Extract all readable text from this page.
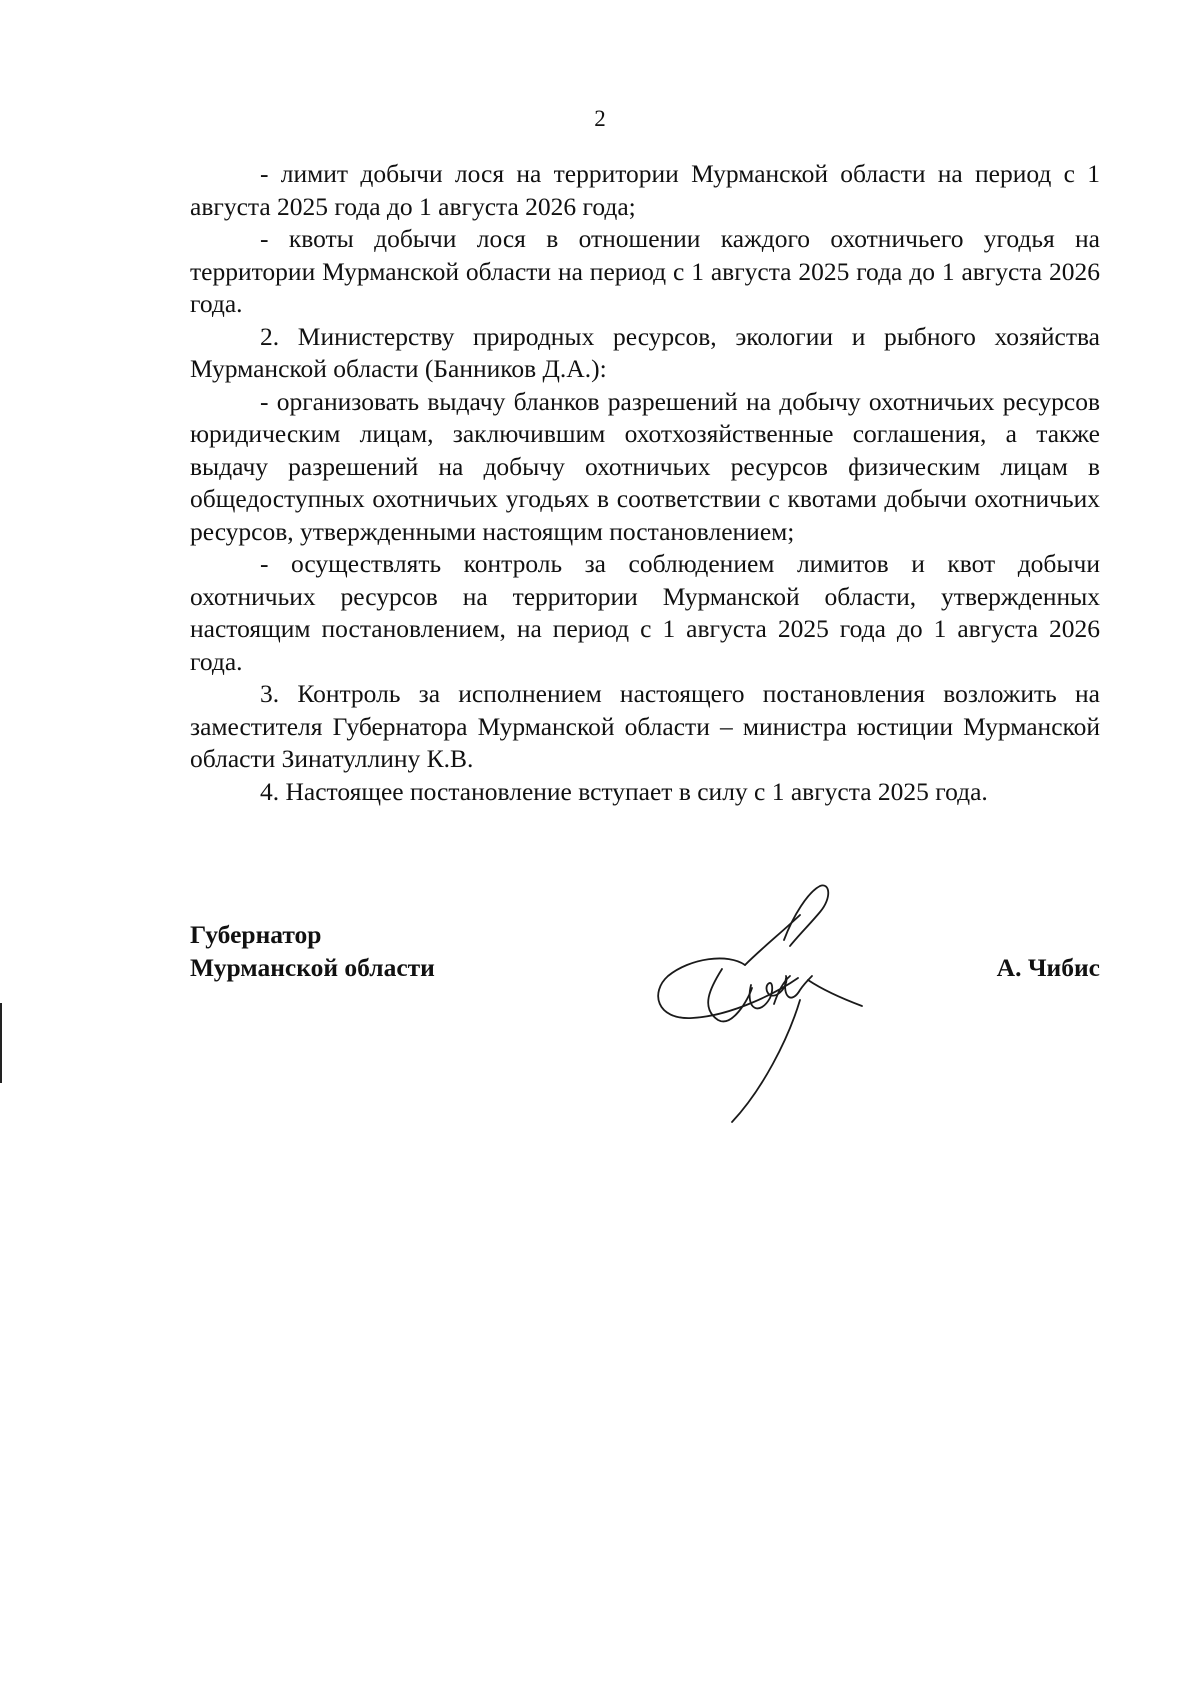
2

- лимит добычи лося на территории Мурманской области на период с 1 августа 2025 года до 1 августа 2026 года;

- квоты добычи лося в отношении каждого охотничьего угодья на территории Мурманской области на период с 1 августа 2025 года до 1 августа 2026 года.

2. Министерству природных ресурсов, экологии и рыбного хозяйства Мурманской области (Банников Д.А.):

- организовать выдачу бланков разрешений на добычу охотничьих ресурсов юридическим лицам, заключившим охотхозяйственные соглашения, а также выдачу разрешений на добычу охотничьих ресурсов физическим лицам в общедоступных охотничьих угодьях в соответствии с квотами добычи охотничьих ресурсов, утвержденными настоящим постановлением;

- осуществлять контроль за соблюдением лимитов и квот добычи охотничьих ресурсов на территории Мурманской области, утвержденных настоящим постановлением, на период с 1 августа 2025 года до 1 августа 2026 года.

3. Контроль за исполнением настоящего постановления возложить на заместителя Губернатора Мурманской области – министра юстиции Мурманской области Зинатуллину К.В.

4. Настоящее постановление вступает в силу с 1 августа 2025 года.

Губернатор
Мурманской области	А. Чибис
